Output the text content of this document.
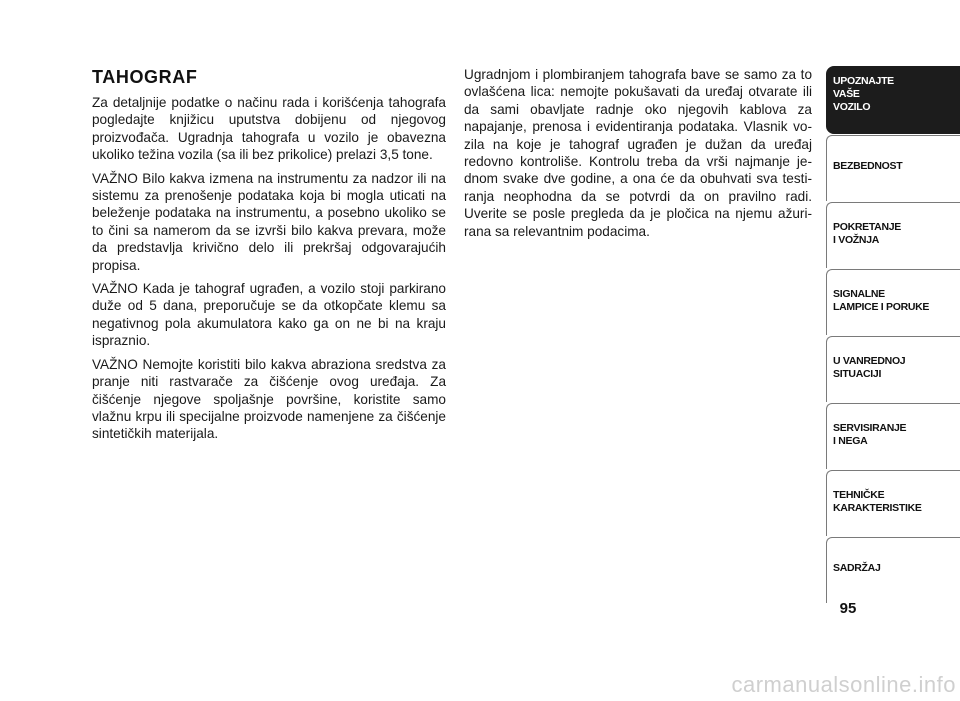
TAHOGRAF

Za detaljnije podatke o načinu rada i korišćenja tahografa pogledajte knjižicu uputstva dobijenu od njegovog proizvođača. Ugradnja tahografa u vozilo je obavezna ukoliko težina vozila (sa ili bez prikolice) prelazi 3,5 tone.

VAŽNO Bilo kakva izmena na instrumentu za nadzor ili na sistemu za prenošenje podataka koja bi mogla uticati na beleženje podataka na instrumentu, a posebno ukoliko se to čini sa namerom da se izvrši bilo kakva prevara, može da predstavlja krivično delo ili prekršaj odgovarajućih propisa.

VAŽNO Kada je tahograf ugrađen, a vozilo stoji parkirano duže od 5 dana, preporučuje se da otkopčate klemu sa negativnog pola akumulatora kako ga on ne bi na kraju ispraznio.

VAŽNO Nemojte koristiti bilo kakva abraziona sredstva za pranje niti rastvarače za čišćenje ovog uređaja. Za čišćenje njegove spoljašnje površine, koristite samo vlažnu krpu ili specijalne proizvode namenjene za čišćenje sintetičkih materijala.

Ugradnjom i plombiranjem tahografa bave se samo za to ovlašćena lica: nemojte pokušavati da uređaj otvarate ili da sami obavljate radnje oko njegovih kablova za napajanje, prenosa i evidentiranja podataka. Vlasnik vozila na koje je tahograf ugrađen je dužan da uređaj redovno kontroliše. Kontrolu treba da vrši najmanje jednom svake dve godine, a ona će da obuhvati sva testiranja neophodna da se potvrdi da on pravilno radi. Uverite se posle pregleda da je pločica na njemu ažurirana sa relevantnim podacima.

UPOZNAJTE
VAŠE
VOZILO
BEZBEDNOST
POKRETANJE
I VOŽNJA
SIGNALNE
LAMPICE I PORUKE
U VANREDNOJ
SITUACIJI
SERVISIRANJE
I NEGA
TEHNIČKE
KARAKTERISTIKE
SADRŽAJ
95
carmanualsonline.info
